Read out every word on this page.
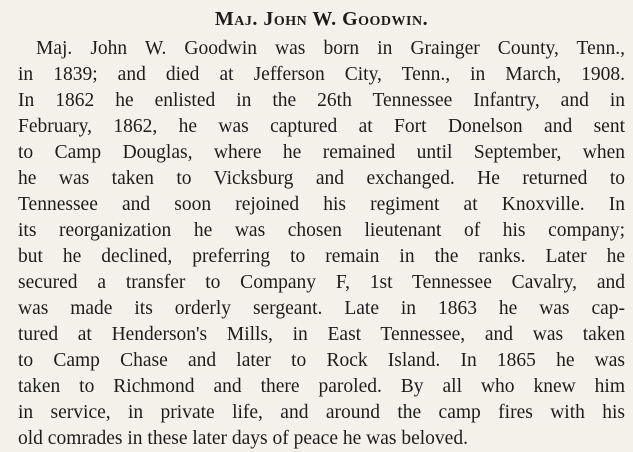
Maj. John W. Goodwin.
Maj. John W. Goodwin was born in Grainger County, Tenn.,
in 1839; and died at Jefferson City, Tenn., in March, 1908.
In 1862 he enlisted in the 26th Tennessee Infantry, and in
February, 1862, he was captured at Fort Donelson and sent
to Camp Douglas, where he remained until September, when
he was taken to Vicksburg and exchanged. He returned to
Tennessee and soon rejoined his regiment at Knoxville. In
its reorganization he was chosen lieutenant of his company;
but he declined, preferring to remain in the ranks. Later he
secured a transfer to Company F, 1st Tennessee Cavalry, and
was made its orderly sergeant. Late in 1863 he was cap-
tured at Henderson's Mills, in East Tennessee, and was taken
to Camp Chase and later to Rock Island. In 1865 he was
taken to Richmond and there paroled. By all who knew him
in service, in private life, and around the camp fires with his
old comrades in these later days of peace he was beloved.
